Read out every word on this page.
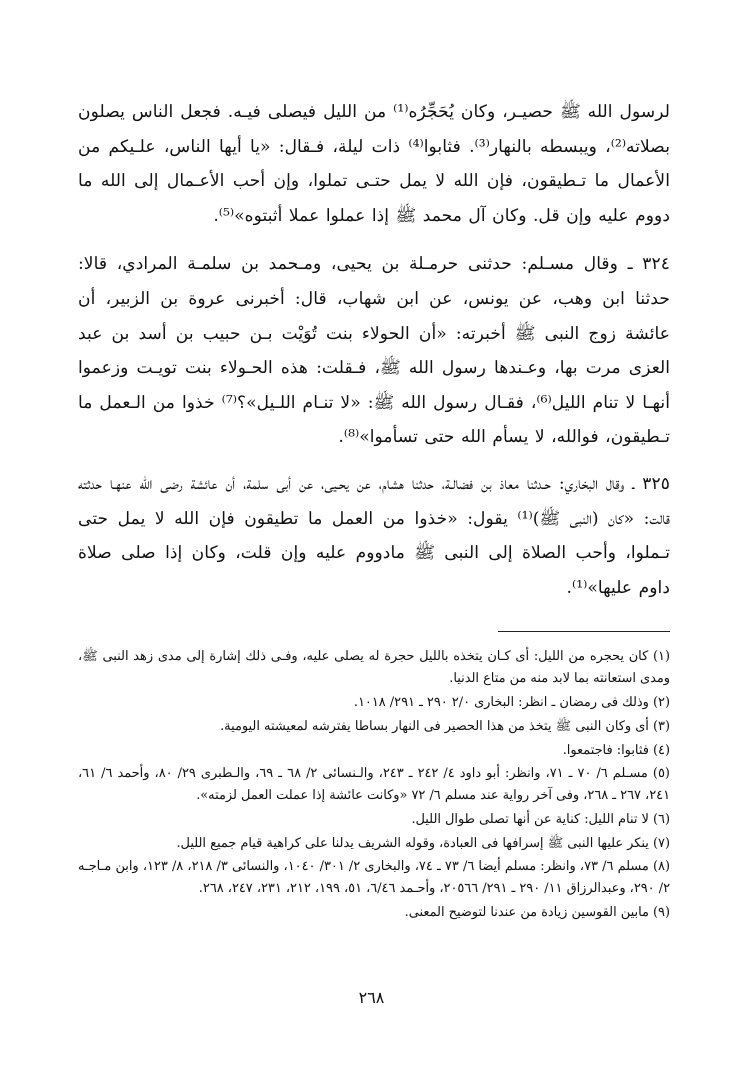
لرسول الله ﷺ حصيـر، وكان يُحَجِّرُه⁽¹⁾ من الليل فيصلى فيـه. فجعل الناس يصلون بصلاته⁽²⁾، ويبسطه بالنهار⁽³⁾. فثابوا⁽⁴⁾ ذات ليلة، فـقال: «يا أيها الناس، علـيكم من الأعمال ما تـطيقون، فإن الله لا يمل حتـى تملوا، وإن أحب الأعـمال إلى الله ما دووم عليه وإن قل. وكان آل محمد ﷺ إذا عملوا عملا أثبتوه»⁽⁵⁾.

٣٢٤ ـ وقال مسـلم: حدثنى حرمـلة بن يحيى، ومـحمد بن سلمـة المرادي، قالا: حدثنا ابن وهب، عن يونس، عن ابن شهاب، قال: أخبرنى عروة بن الزبير، أن عائشة زوج النبى ﷺ أخبرته: «أن الحولاء بنت تُوَيْت بـن حبيب بن أسد بن عبد العزى مرت بها، وعـندها رسول الله ﷺ، فـقلت: هذه الحـولاء بنت تويـت وزعموا أنهـا لا تنام الليل⁽⁶⁾، فقـال رسول الله ﷺ: «لا تنـام اللـيل»؟⁽⁷⁾ خذوا من الـعمل ما تـطيقون، فوالله، لا يسأم الله حتى تسأموا»⁽⁸⁾.

٣٢٥ ـ وقال البخاري: حـدثنا معاذ بن فضالـة، حدثنا هشام، عن يحـيى، عن أبى سلمة، أن عائشة رضى الله عنهـا حدثته قالت: «كان (النبى ﷺ)⁽¹⁾ يقول: «خذوا من العمل ما تطيقون فإن الله لا يمل حتى تـملوا، وأحب الصلاة إلى النبى ﷺ مادووم عليه وإن قلت، وكان إذا صلى صلاة داوم عليها»⁽¹⁾.

(١) كان يحجره من الليل: أى كـان يتخذه بالليل حجرة له يصلى عليه، وفـى ذلك إشارة إلى مدى زهد النبى ﷺ، ومدى استعانته بما لابد منه من متاع الدنيا.

(٢) وذلك فى رمضان ـ انظر: البخارى ٢/٠ ٢٩٠ ـ ٢٩١/ ١٠١٨.

(٣) أى وكان النبى ﷺ يتخذ من هذا الحصير فى النهار بساطا يفترشه لمعيشته اليومية.

(٤) فثابوا: فاجتمعوا.

(٥) مسـلم ٦/ ٧٠ ـ ٧١، وانظر: أبو داود ٤/ ٢٤٢ ـ ٢٤٣، والـنسائى ٢/ ٦٨ ـ ٦٩، والـطبرى ٢٩/ ٨٠، وأحمد ٦/ ٦١، ٢٤١، ٢٦٧ ـ ٢٦٨، وفى آخر رواية عند مسلم ٦/ ٧٢ «وكانت عائشة إذا عملت العمل لزمته».

(٦) لا تنام الليل: كناية عن أنها تصلى طوال الليل.

(٧) ينكر عليها النبى ﷺ إسرافها فى العبادة، وقوله الشريف يدلنا على كراهية قيام جميع الليل.

(٨) مسلم ٦/ ٧٣، وانظر: مسلم أيضا ٦/ ٧٣ ـ ٧٤، والبخارى ٢/ ٣٠١/ ١٠٤٠، والنسائى ٣/ ٢١٨، ٨/ ١٢٣، وابن مـاجـه ٢/ ٢٩٠، وعبدالرزاق ١١/ ٢٩٠ ـ ٢٩١/ ٢٠٥٦٦، وأحـمد ٦/٤٦، ٥١، ١٩٩، ٢١٢، ٢٣١، ٢٤٧، ٢٦٨.

(٩) مابين القوسين زيادة من عندنا لتوضيح المعنى.

٢٦٨
